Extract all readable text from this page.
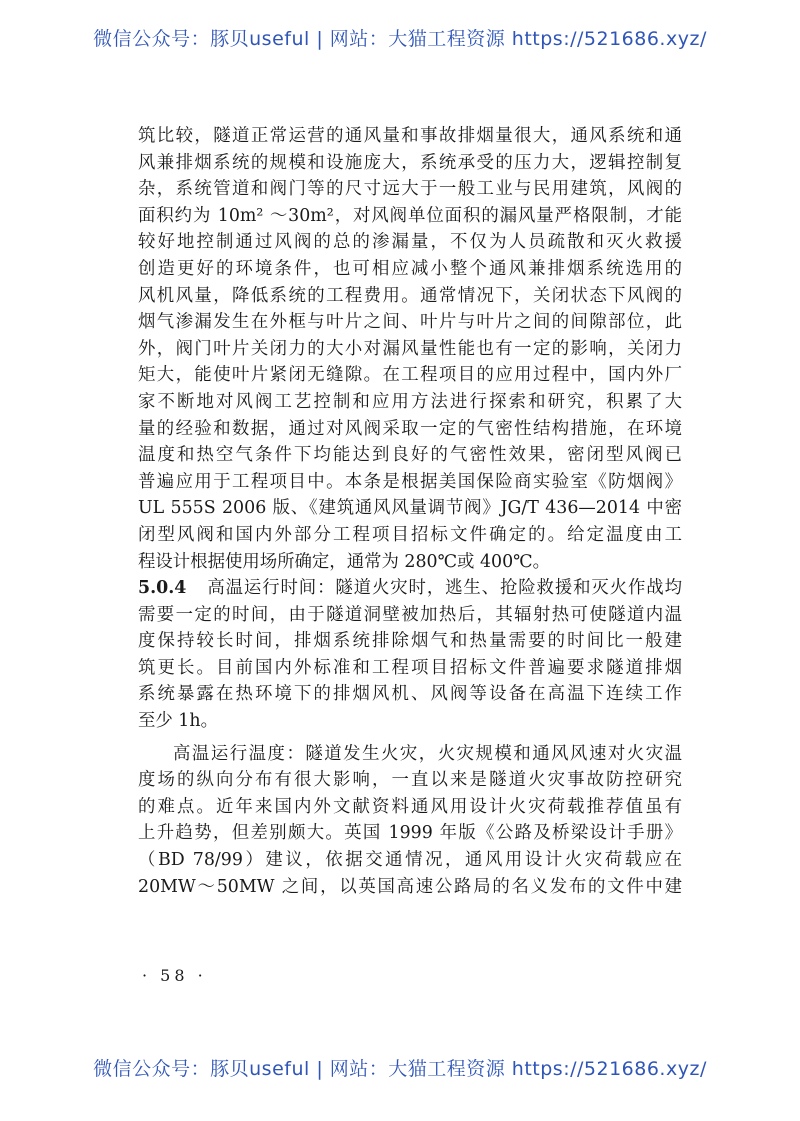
微信公众号：豚贝useful | 网站：大猫工程资源 https://521686.xyz/
筑比较，隧道正常运营的通风量和事故排烟量很大，通风系统和通
风兼排烟系统的规模和设施庞大，系统承受的压力大，逻辑控制复
杂，系统管道和阀门等的尺寸远大于一般工业与民用建筑，风阀的
面积约为 10m² ～30m²，对风阀单位面积的漏风量严格限制，才能
较好地控制通过风阀的总的渗漏量，不仅为人员疏散和灭火救援
创造更好的环境条件，也可相应减小整个通风兼排烟系统选用的
风机风量，降低系统的工程费用。通常情况下，关闭状态下风阀的
烟气渗漏发生在外框与叶片之间、叶片与叶片之间的间隙部位，此
外，阀门叶片关闭力的大小对漏风量性能也有一定的影响，关闭力
矩大，能使叶片紧闭无缝隙。在工程项目的应用过程中，国内外厂
家不断地对风阀工艺控制和应用方法进行探索和研究，积累了大
量的经验和数据，通过对风阀采取一定的气密性结构措施，在环境
温度和热空气条件下均能达到良好的气密性效果，密闭型风阀已
普遍应用于工程项目中。本条是根据美国保险商实验室《防烟阀》
UL 555S 2006 版、《建筑通风风量调节阀》JG/T 436—2014 中密
闭型风阀和国内外部分工程项目招标文件确定的。给定温度由工
程设计根据使用场所确定，通常为 280℃或 400℃。
5.0.4 高温运行时间：隧道火灾时，逃生、抢险救援和灭火作战均
需要一定的时间，由于隧道洞壁被加热后，其辐射热可使隧道内温
度保持较长时间，排烟系统排除烟气和热量需要的时间比一般建
筑更长。目前国内外标准和工程项目招标文件普遍要求隧道排烟
系统暴露在热环境下的排烟风机、风阀等设备在高温下连续工作
至少 1h。
高温运行温度：隧道发生火灾，火灾规模和通风风速对火灾温
度场的纵向分布有很大影响，一直以来是隧道火灾事故防控研究
的难点。近年来国内外文献资料通风用设计火灾荷载推荐值虽有
上升趋势，但差别颇大。英国 1999 年版《公路及桥梁设计手册》
（BD 78/99）建议，依据交通情况，通风用设计火灾荷载应在
20MW～50MW 之间，以英国高速公路局的名义发布的文件中建
· 58 ·
微信公众号：豚贝useful | 网站：大猫工程资源 https://521686.xyz/
